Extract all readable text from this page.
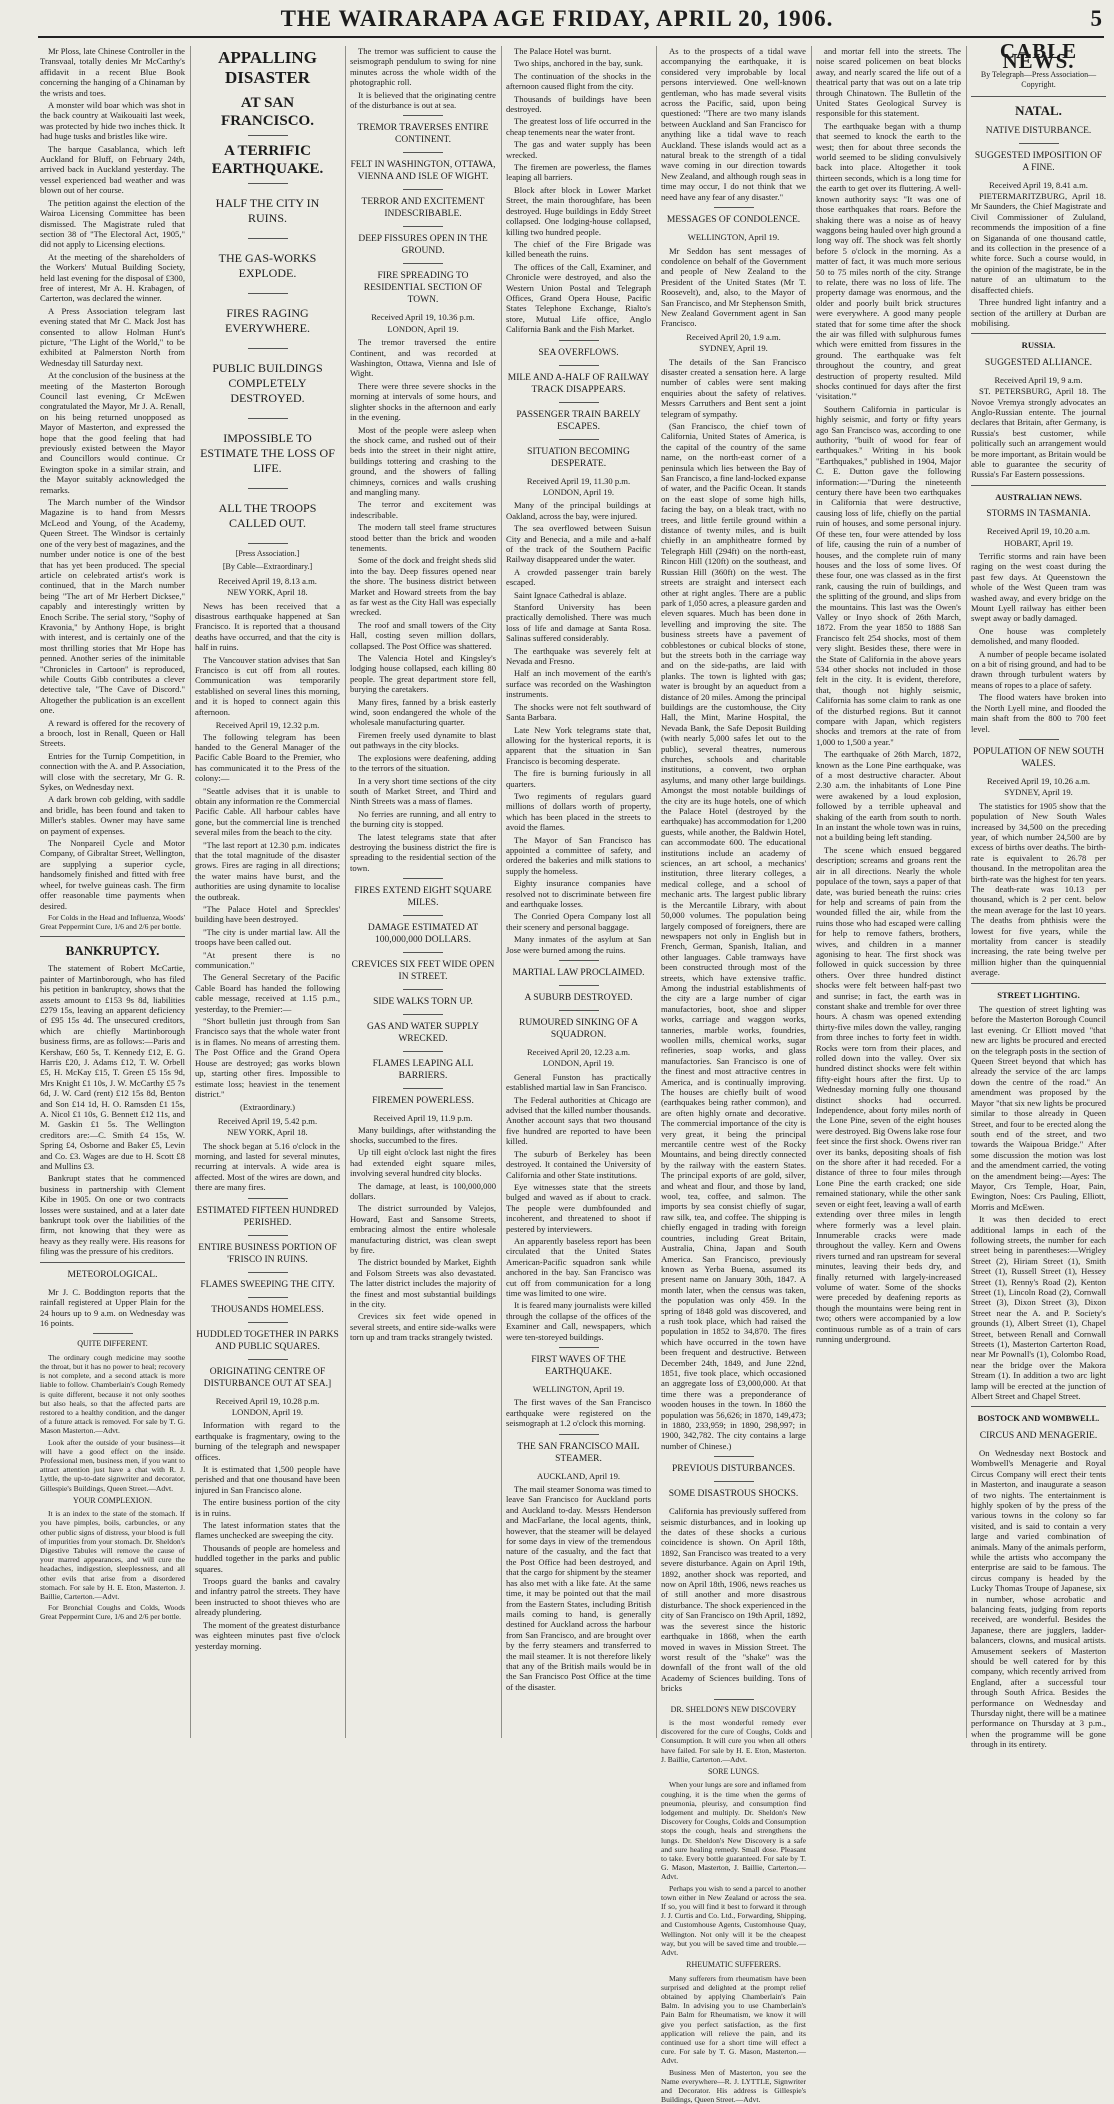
THE WAIRARAPA AGE FRIDAY, APRIL 20, 1906.	5

Mr Ploss, late Chinese Controller in the Transvaal, totally denies Mr McCarthy's affidavit in a recent Blue Book concerning the hanging of a Chinaman by the wrists and toes.

A monster wild boar which was shot in the back country at Waikouaiti last week, was protected by hide two inches thick. It had huge tusks and bristles like wire.

The barque Casablanca, which left Auckland for Bluff, on February 24th, arrived back in Auckland yesterday. The vessel experienced bad weather and was blown out of her course.

The petition against the election of the Wairoa Licensing Committee has been dismissed. The Magistrate ruled that section 38 of "The Electoral Act, 1905," did not apply to Licensing elections.

At the meeting of the shareholders of the Workers' Mutual Building Society, held last evening for the disposal of £300, free of interest, Mr A. H. Krabagen, of Carterton, was declared the winner.

A Press Association telegram last evening stated that Mr C. Mack Jost has consented to allow Holman Hunt's picture, "The Light of the World," to be exhibited at Palmerston North from Wednesday till Saturday next.

At the conclusion of the business at the meeting of the Masterton Borough Council last evening, Cr McEwen congratulated the Mayor, Mr J. A. Renall, on his being returned unopposed as Mayor of Masterton, and expressed the hope that the good feeling that had previously existed between the Mayor and Councillors would continue. Cr Ewington spoke in a similar strain, and the Mayor suitably acknowledged the remarks.

The March number of the Windsor Magazine is to hand from Messrs McLeod and Young, of the Academy, Queen Street. The Windsor is certainly one of the very best of magazines, and the number under notice is one of the best that has yet been produced. The special article on celebrated artist's work is continued, that in the March number being "The art of Mr Herbert Dicksee," capably and interestingly written by Enoch Scribe. The serial story, "Sophy of Kravonia," by Anthony Hope, is bright with interest, and is certainly one of the most thrilling stories that Mr Hope has penned. Another series of the inimitable "Chronicles in Cartoon" is reproduced, while Coutts Gibb contributes a clever detective tale, "The Cave of Discord." Altogether the publication is an excellent one.

A reward is offered for the recovery of a brooch, lost in Renall, Queen or Hall Streets.

Entries for the Turnip Competition, in connection with the A. and P. Association, will close with the secretary, Mr G. R. Sykes, on Wednesday next.

A dark brown cob gelding, with saddle and bridle, has been found and taken to Miller's stables. Owner may have same on payment of expenses.

The Nonpareil Cycle and Motor Company, of Gibraltar Street, Wellington, are supplying a superior cycle, handsomely finished and fitted with free wheel, for twelve guineas cash. The firm offer reasonable time payments when desired.

For Colds in the Head and Influenza, Woods' Great Peppermint Cure, 1/6 and 2/6 per bottle.

BANKRUPTCY.

The statement of Robert McCartie, painter of Martinborough, who has filed his petition in bankruptcy, shows that the assets amount to £153 9s 8d, liabilities £279 15s, leaving an apparent deficiency of £95 15s 4d. The unsecured creditors, which are chiefly Martinborough business firms, are as follows:—Paris and Kershaw, £60 5s, T. Kennedy £12, E. G. Harris £20, J. Adams £12, T. W. Orbell £5, H. McKay £15, T. Green £5 15s 9d, Mrs Knight £1 10s, J. W. McCarthy £5 7s 6d, J. W. Card (rent) £12 15s 8d, Benton and Son £14 1d, H. O. Ramsden £1 15s, A. Nicol £1 10s, G. Bennett £12 11s, and M. Gaskin £1 5s. The Wellington creditors are:—C. Smith £4 15s, W. Spring £4, Osborne and Baker £5, Levin and Co. £3. Wages are due to H. Scott £8 and Mullins £3.

Bankrupt states that he commenced business in partnership with Clement Kibe in 1905. On one or two contracts losses were sustained, and at a later date bankrupt took over the liabilities of the firm, not knowing that they were as heavy as they really were. His reasons for filing was the pressure of his creditors.

METEOROLOGICAL.

Mr J. C. Boddington reports that the rainfall registered at Upper Plain for the 24 hours up to 9 a.m. on Wednesday was 16 points.

QUITE DIFFERENT.

The ordinary cough medicine may soothe the throat, but it has no power to heal; recovery is not complete, and a second attack is more liable to follow. Chamberlain's Cough Remedy is quite different, because it not only soothes but also heals, so that the affected parts are restored to a healthy condition, and the danger of a future attack is removed. For sale by T. G. Mason Masterton.—Advt.

Look after the outside of your business—it will have a good effect on the inside. Professional men, business men, if you want to attract attention just have a chat with R. J. Lyttle, the up-to-date signwriter and decorator, Gillespie's Buildings, Queen Street.—Advt.

YOUR COMPLEXION.

It is an index to the state of the stomach. If you have pimples, boils, carbuncles, or any other public signs of distress, your blood is full of impurities from your stomach. Dr. Sheldon's Digestive Tabules will remove the cause of your marred appearances, and will cure the headaches, indigestion, sleeplessness, and all other evils that arise from a disordered stomach. For sale by H. E. Eton, Masterton. J. Baillie, Carterton.—Advt.

For Bronchial Coughs and Colds, Woods Great Peppermint Cure, 1/6 and 2/6 per bottle.

APPALLING DISASTER
AT SAN FRANCISCO.
A TERRIFIC EARTHQUAKE.
HALF THE CITY IN RUINS.
THE GAS-WORKS EXPLODE.
FIRES RAGING EVERYWHERE.
PUBLIC BUILDINGS COMPLETELY DESTROYED.
IMPOSSIBLE TO ESTIMATE THE LOSS OF LIFE.
ALL THE TROOPS CALLED OUT.
[Press Association.]
[By Cable—Extraordinary.]
Received April 19, 8.13 a.m.
NEW YORK, April 18.

News has been received that a disastrous earthquake happened at San Francisco. It is reported that a thousand deaths have occurred, and that the city is half in ruins.

The Vancouver station advises that San Francisco is cut off from all routes. Communication was temporarily established on several lines this morning, and it is hoped to connect again this afternoon.

Received April 19, 12.32 p.m.

The following telegram has been handed to the General Manager of the Pacific Cable Board to the Premier, who has communicated it to the Press of the colony:—

"Seattle advises that it is unable to obtain any information re the Commercial Pacific Cable. All harbour cables have gone, but the commercial line is trenched several miles from the beach to the city.

"The last report at 12.30 p.m. indicates that the total magnitude of the disaster grows. Fires are raging in all directions; the water mains have burst, and the authorities are using dynamite to localise the outbreak.

"The Palace Hotel and Spreckles' building have been destroyed.

"The city is under martial law. All the troops have been called out.

"At present there is no communication."

The General Secretary of the Pacific Cable Board has handed the following cable message, received at 1.15 p.m., yesterday, to the Premier:—

"Short bulletin just through from San Francisco says that the whole water front is in flames. No means of arresting them. The Post Office and the Grand Opera House are destroyed; gas works blown up, starting other fires. Impossible to estimate loss; heaviest in the tenement district."

(Extraordinary.)
Received April 19, 5.42 p.m.
NEW YORK, April 18.

The shock began at 5.16 o'clock in the morning, and lasted for several minutes, recurring at intervals. A wide area is affected. Most of the wires are down, and there are many fires.

ESTIMATED FIFTEEN HUNDRED PERISHED.
ENTIRE BUSINESS PORTION OF 'FRISCO IN RUINS.
FLAMES SWEEPING THE CITY.
THOUSANDS HOMELESS.
HUDDLED TOGETHER IN PARKS AND PUBLIC SQUARES.
ORIGINATING CENTRE OF DISTURBANCE OUT AT SEA.]
Received April 19, 10.28 p.m.
LONDON, April 19.

Information with regard to the earthquake is fragmentary, owing to the burning of the telegraph and newspaper offices.

It is estimated that 1,500 people have perished and that one thousand have been injured in San Francisco alone.

The entire business portion of the city is in ruins.

The latest information states that the flames unchecked are sweeping the city.

Thousands of people are homeless and huddled together in the parks and public squares.

Troops guard the banks and cavalry and infantry patrol the streets. They have been instructed to shoot thieves who are already plundering.

The moment of the greatest disturbance was eighteen minutes past five o'clock yesterday morning.

The tremor was sufficient to cause the seismograph pendulum to swing for nine minutes across the whole width of the photographic roll.

It is believed that the originating centre of the disturbance is out at sea.

TREMOR TRAVERSES ENTIRE CONTINENT.
FELT IN WASHINGTON, OTTAWA, VIENNA AND ISLE OF WIGHT.
TERROR AND EXCITEMENT INDESCRIBABLE.
DEEP FISSURES OPEN IN THE GROUND.
FIRE SPREADING TO RESIDENTIAL SECTION OF TOWN.
Received April 19, 10.36 p.m.
LONDON, April 19.

The tremor traversed the entire Continent, and was recorded at Washington, Ottawa, Vienna and Isle of Wight.

There were three severe shocks in the morning at intervals of some hours, and slighter shocks in the afternoon and early in the evening.

Most of the people were asleep when the shock came, and rushed out of their beds into the street in their night attire, buildings tottering and crashing to the ground, and the showers of falling chimneys, cornices and walls crushing and mangling many.

The terror and excitement was indescribable.

The modern tall steel frame structures stood better than the brick and wooden tenements.

Some of the dock and freight sheds slid into the bay. Deep fissures opened near the shore. The business district between Market and Howard streets from the bay as far west as the City Hall was especially wrecked.

The roof and small towers of the City Hall, costing seven million dollars, collapsed. The Post Office was shattered.

The Valencia Hotel and Kingsley's lodging house collapsed, each killing 80 people. The great department store fell, burying the caretakers.

Many fires, fanned by a brisk easterly wind, soon endangered the whole of the wholesale manufacturing quarter.

Firemen freely used dynamite to blast out pathways in the city blocks.

The explosions were deafening, adding to the terrors of the situation.

In a very short time sections of the city south of Market Street, and Third and Ninth Streets was a mass of flames.

No ferries are running, and all entry to the burning city is stopped.

The latest telegrams state that after destroying the business district the fire is spreading to the residential section of the town.

FIRES EXTEND EIGHT SQUARE MILES.
DAMAGE ESTIMATED AT 100,000,000 DOLLARS.
CREVICES SIX FEET WIDE OPEN IN STREET.
SIDE WALKS TORN UP.
GAS AND WATER SUPPLY WRECKED.
FLAMES LEAPING ALL BARRIERS.
FIREMEN POWERLESS.
Received April 19, 11.9 p.m.

Many buildings, after withstanding the shocks, succumbed to the fires.

Up till eight o'clock last night the fires had extended eight square miles, involving several hundred city blocks.

The damage, at least, is 100,000,000 dollars.

The district surrounded by Valejos, Howard, East and Sansome Streets, embracing almost the entire wholesale manufacturing district, was clean swept by fire.

The district bounded by Market, Eighth and Folsom Streets was also devastated. The latter district includes the majority of the finest and most substantial buildings in the city.

Crevices six feet wide opened in several streets, and entire side-walks were torn up and tram tracks strangely twisted.

The Palace Hotel was burnt.

Two ships, anchored in the bay, sunk.

The continuation of the shocks in the afternoon caused flight from the city.

Thousands of buildings have been destroyed.

The greatest loss of life occurred in the cheap tenements near the water front.

The gas and water supply has been wrecked.

The firemen are powerless, the flames leaping all barriers.

Block after block in Lower Market Street, the main thoroughfare, has been destroyed. Huge buildings in Eddy Street collapsed. One lodging-house collapsed, killing two hundred people.

The chief of the Fire Brigade was killed beneath the ruins.

The offices of the Call, Examiner, and Chronicle were destroyed, and also the Western Union Postal and Telegraph Offices, Grand Opera House, Pacific States Telephone Exchange, Rialto's store, Mutual Life office, Anglo California Bank and the Fish Market.

SEA OVERFLOWS.
MILE AND A-HALF OF RAILWAY TRACK DISAPPEARS.
PASSENGER TRAIN BARELY ESCAPES.
SITUATION BECOMING DESPERATE.
Received April 19, 11.30 p.m.
LONDON, April 19.

Many of the principal buildings at Oakland, across the bay, were injured.

The sea overflowed between Suisun City and Benecia, and a mile and a-half of the track of the Southern Pacific Railway disappeared under the water.

A crowded passenger train barely escaped.

Saint Ignace Cathedral is ablaze.

Stanford University has been practically demolished. There was much loss of life and damage at Santa Rosa. Salinas suffered considerably.

The earthquake was severely felt at Nevada and Fresno.

Half an inch movement of the earth's surface was recorded on the Washington instruments.

The shocks were not felt southward of Santa Barbara.

Late New York telegrams state that, allowing for the hysterical reports, it is apparent that the situation in San Francisco is becoming desperate.

The fire is burning furiously in all quarters.

Two regiments of regulars guard millions of dollars worth of property, which has been placed in the streets to avoid the flames.

The Mayor of San Francisco has appointed a committee of safety, and ordered the bakeries and milk stations to supply the homeless.

Eighty insurance companies have resolved not to discriminate between fire and earthquake losses.

The Conried Opera Company lost all their scenery and personal baggage.

Many inmates of the asylum at San Jose were burned among the ruins.

MARTIAL LAW PROCLAIMED.
A SUBURB DESTROYED.
RUMOURED SINKING OF A SQUADRON.
Received April 20, 12.23 a.m.
LONDON, April 19.

General Funston has practically established martial law in San Francisco.

The Federal authorities at Chicago are advised that the killed number thousands. Another account says that two thousand five hundred are reported to have been killed.

The suburb of Berkeley has been destroyed. It contained the University of California and other State institutions.

Eye witnesses state that the streets bulged and waved as if about to crack. The people were dumbfounded and incoherent, and threatened to shoot if pestered by interviewers.

An apparently baseless report has been circulated that the United States American-Pacific squadron sank while anchored in the bay. San Francisco was cut off from communication for a long time was limited to one wire.

It is feared many journalists were killed through the collapse of the offices of the Examiner and Call, newspapers, which were ten-storeyed buildings.

FIRST WAVES OF THE EARTHQUAKE.
WELLINGTON, April 19.

The first waves of the San Francisco earthquake were registered on the seismograph at 1.2 o'clock this morning.

THE SAN FRANCISCO MAIL STEAMER.
AUCKLAND, April 19.

The mail steamer Sonoma was timed to leave San Francisco for Auckland ports and Auckland to-day. Messrs Henderson and MacFarlane, the local agents, think, however, that the steamer will be delayed for some days in view of the tremendous nature of the casualty, and the fact that the Post Office had been destroyed, and that the cargo for shipment by the steamer has also met with a like fate. At the same time, it may be pointed out that the mail from the Eastern States, including British mails coming to hand, is generally destined for Auckland across the harbour from San Francisco, and are brought over by the ferry steamers and transferred to the mail steamer. It is not therefore likely that any of the British mails would be in the San Francisco Post Office at the time of the disaster.

As to the prospects of a tidal wave accompanying the earthquake, it is considered very improbable by local persons interviewed. One well-known gentleman, who has made several visits across the Pacific, said, upon being questioned: "There are two many islands between Auckland and San Francisco for anything like a tidal wave to reach Auckland. These islands would act as a natural break to the strength of a tidal wave coming in our direction towards New Zealand, and although rough seas in time may occur, I do not think that we need have any fear of any disaster."

MESSAGES OF CONDOLENCE.
WELLINGTON, April 19.

Mr Seddon has sent messages of condolence on behalf of the Government and people of New Zealand to the President of the United States (Mr T. Roosevelt), and, also, to the Mayor of San Francisco, and Mr Stephenson Smith, New Zealand Government agent in San Francisco.

Received April 20, 1.9 a.m.
SYDNEY, April 19.

The details of the San Francisco disaster created a sensation here. A large number of cables were sent making enquiries about the safety of relatives. Messrs Carruthers and Bent sent a joint telegram of sympathy.

(San Francisco, the chief town of California, United States of America, is the capital of the country of the same name, on the north-east corner of a peninsula which lies between the Bay of San Francisco, a fine land-locked expanse of water, and the Pacific Ocean. It stands on the east slope of some high hills, facing the bay, on a bleak tract, with no trees, and little fertile ground within a distance of twenty miles, and is built chiefly in an amphitheatre formed by Telegraph Hill (294ft) on the north-east, Rincon Hill (120ft) on the southeast, and Russian Hill (360ft) on the west. The streets are straight and intersect each other at right angles. There are a public park of 1,050 acres, a pleasure garden and eleven squares. Much has been done in levelling and improving the site. The business streets have a pavement of cobblestones or cubical blocks of stone, but the streets both in the carriage way and on the side-paths, are laid with planks. The town is lighted with gas; water is brought by an aqueduct from a distance of 20 miles. Among the principal buildings are the customhouse, the City Hall, the Mint, Marine Hospital, the Nevada Bank, the Safe Deposit Building (with nearly 5,000 safes let out to the public), several theatres, numerous churches, schools and charitable institutions, a convent, two orphan asylums, and many other large buildings. Amongst the most notable buildings of the city are its huge hotels, one of which the Palace Hotel (destroyed by the earthquake) has accommodation for 1,200 guests, while another, the Baldwin Hotel, can accommodate 600. The educational institutions include an academy of sciences, an art school, a mechanics' institution, three literary colleges, a medical college, and a school of mechanic arts. The largest public library is the Mercantile Library, with about 50,000 volumes. The population being largely composed of foreigners, there are newspapers not only in English but in French, German, Spanish, Italian, and other languages. Cable tramways have been constructed through most of the streets, which have extensive traffic. Among the industrial establishments of the city are a large number of cigar manufactories, boot, shoe and slipper works, carriage and waggon works, tanneries, marble works, foundries, woollen mills, chemical works, sugar refineries, soap works, and glass manufactories. San Francisco is one of the finest and most attractive centres in America, and is continually improving. The houses are chiefly built of wood (earthquakes being rather common), and are often highly ornate and decorative. The commercial importance of the city is very great, it being the principal mercantile centre west of the Rocky Mountains, and being directly connected by the railway with the eastern States. The principal exports of are gold, silver, and wheat and flour, and those by land, wool, tea, coffee, and salmon. The imports by sea consist chiefly of sugar, raw silk, tea, and coffee. The shipping is chiefly engaged in trading with foreign countries, including Great Britain, Australia, China, Japan and South America. San Francisco, previously known as Yerba Buena, assumed its present name on January 30th, 1847. A month later, when the census was taken, the population was only 459. In the spring of 1848 gold was discovered, and a rush took place, which had raised the population in 1852 to 34,870. The fires which have occurred in the town have been frequent and destructive. Between December 24th, 1849, and June 22nd, 1851, five took place, which occasioned an aggregate loss of £3,000,000. At that time there was a preponderance of wooden houses in the town. In 1860 the population was 56,626; in 1870, 149,473; in 1880, 233,959; in 1890, 298,997; in 1900, 342,782. The city contains a large number of Chinese.)

PREVIOUS DISTURBANCES.
SOME DISASTROUS SHOCKS.

California has previously suffered from seismic disturbances, and in looking up the dates of these shocks a curious coincidence is shown. On April 18th, 1892, San Francisco was treated to a very severe disturbance. Again on April 19th, 1892, another shock was reported, and now on April 18th, 1906, news reaches us of still another and more disastrous disturbance. The shock experienced in the city of San Francisco on 19th April, 1892, was the severest since the historic earthquake in 1868, when the earth moved in waves in Mission Street. The worst result of the "shake" was the downfall of the front wall of the old Academy of Sciences building. Tons of bricks

DR. SHELDON'S NEW DISCOVERY

is the most wonderful remedy ever discovered for the cure of Coughs, Colds and Consumption. It will cure you when all others have failed. For sale by H. E. Eton, Masterton. J. Baillie, Carterton.—Advt.

SORE LUNGS.

When your lungs are sore and inflamed from coughing, it is the time when the germs of pneumonia, pleurisy, and consumption find lodgement and multiply. Dr. Sheldon's New Discovery for Coughs, Colds and Consumption stops the cough, heals and strengthens the lungs. Dr. Sheldon's New Discovery is a safe and sure healing remedy. Small dose. Pleasant to take. Every bottle guaranteed. For sale by T. G. Mason, Masterton, J. Baillie, Carterton.—Advt.

Perhaps you wish to send a parcel to another town either in New Zealand or across the sea. If so, you will find it best to forward it through J. J. Curtis and Co. Ltd., Forwarding, Shipping, and Customhouse Agents, Customhouse Quay, Wellington. Not only will it be the cheapest way, but you will be saved time and trouble.—Advt.

RHEUMATIC SUFFERERS.

Many sufferers from rheumatism have been surprised and delighted at the prompt relief obtained by applying Chamberlain's Pain Balm. In advising you to use Chamberlain's Pain Balm for Rheumatism, we know it will give you perfect satisfaction, as the first application will relieve the pain, and its continued use for a short time will effect a cure. For sale by T. G. Mason, Masterton.—Advt.

Business Men of Masterton, you see the Name everywhere—R. J. LYTTLE, Signwriter and Decorator. His address is Gillespie's Buildings, Queen Street.—Advt.

and mortar fell into the streets. The noise scared policemen on beat blocks away, and nearly scared the life out of a theatrical party that was out on a late trip through Chinatown. The Bulletin of the United States Geological Survey is responsible for this statement.

The earthquake began with a thump that seemed to knock the earth to the west; then for about three seconds the world seemed to be sliding convulsively back into place. Altogether it took thirteen seconds, which is a long time for the earth to get over its fluttering. A well-known authority says: "It was one of those earthquakes that roars. Before the shaking there was a noise as of heavy waggons being hauled over high ground a long way off. The shock was felt shortly before 5 o'clock in the morning. As a matter of fact, it was much more serious 50 to 75 miles north of the city. Strange to relate, there was no loss of life. The property damage was enormous, and the older and poorly built brick structures were everywhere. A good many people stated that for some time after the shock the air was filled with sulphurous fumes which were emitted from fissures in the ground. The earthquake was felt throughout the country, and great destruction of property resulted. Mild shocks continued for days after the first 'visitation.'"

Southern California in particular is highly seismic, and forty or fifty years ago San Francisco was, according to one authority, "built of wood for fear of earthquakes." Writing in his book "Earthquakes," published in 1904, Major C. E. Dutton gave the following information:—"During the nineteenth century there have been two earthquakes in California that were destructive, causing loss of life, chiefly on the partial ruin of houses, and some personal injury. Of these ten, four were attended by loss of life, causing the ruin of a number of houses, and the complete ruin of many houses and the loss of some lives. Of these four, one was classed as in the first rank, causing the ruin of buildings, and the splitting of the ground, and slips from the mountains. This last was the Owen's Valley or Inyo shock of 26th March, 1872. From the year 1850 to 1888 San Francisco felt 254 shocks, most of them very slight. Besides these, there were in the State of California in the above years 534 other shocks not included in those felt in the city. It is evident, therefore, that, though not highly seismic, California has some claim to rank as one of the disturbed regions. But it cannot compare with Japan, which registers shocks and tremors at the rate of from 1,000 to 1,500 a year."

The earthquake of 26th March, 1872, known as the Lone Pine earthquake, was of a most destructive character. About 2.30 a.m. the inhabitants of Lone Pine were awakened by a loud explosion, followed by a terrible upheaval and shaking of the earth from south to north. In an instant the whole town was in ruins, not a building being left standing.

The scene which ensued beggared description; screams and groans rent the air in all directions. Nearly the whole populace of the town, says a paper of that date, was buried beneath the ruins: cries for help and screams of pain from the wounded filled the air, while from the ruins those who had escaped were calling for help to remove fathers, brothers, wives, and children in a manner agonising to hear. The first shock was followed in quick succession by three others. Over three hundred distinct shocks were felt between half-past two and sunrise; in fact, the earth was in constant shake and tremble for over three hours. A chasm was opened extending thirty-five miles down the valley, ranging from three inches to forty feet in width. Rocks were torn from their places, and rolled down into the valley. Over six hundred distinct shocks were felt within fifty-eight hours after the first. Up to Wednesday morning fully one thousand distinct shocks had occurred. Independence, about forty miles north of the Lone Pine, seven of the eight houses were destroyed. Big Owens lake rose four feet since the first shock. Owens river ran over its banks, depositing shoals of fish on the shore after it had receded. For a distance of three to four miles through Lone Pine the earth cracked; one side remained stationary, while the other sank seven or eight feet, leaving a wall of earth extending over three miles in length where formerly was a level plain. Innumerable cracks were made throughout the valley. Kern and Owens rivers turned and ran upstream for several minutes, leaving their beds dry, and finally returned with largely-increased volume of water. Some of the shocks were preceded by deafening reports as though the mountains were being rent in two; others were accompanied by a low continuous rumble as of a train of cars running underground.

CABLE NEWS.
By Telegraph—Press Association—Copyright.
NATAL.
NATIVE DISTURBANCE.
SUGGESTED IMPOSITION OF A FINE.
Received April 19, 8.41 a.m.

PIETERMARITZBURG, April 18. Mr Saunders, the Chief Magistrate and Civil Commissioner of Zululand, recommends the imposition of a fine on Sigananda of one thousand cattle, and its collection in the presence of a white force. Such a course would, in the opinion of the magistrate, be in the nature of an ultimatum to the disaffected chiefs.

Three hundred light infantry and a section of the artillery at Durban are mobilising.

RUSSIA.
SUGGESTED ALLIANCE.
Received April 19, 9 a.m.

ST. PETERSBURG, April 18. The Novoe Vremya strongly advocates an Anglo-Russian entente. The journal declares that Britain, after Germany, is Russia's best customer, while politically such an arrangement would be more important, as Britain would be able to guarantee the security of Russia's Far Eastern possessions.

AUSTRALIAN NEWS.
STORMS IN TASMANIA.
Received April 19, 10.20 a.m.
HOBART, April 19.

Terrific storms and rain have been raging on the west coast during the past few days. At Queenstown the whole of the West Queen tram was washed away, and every bridge on the Mount Lyell railway has either been swept away or badly damaged.

One house was completely demolished, and many flooded.

A number of people became isolated on a bit of rising ground, and had to be drawn through turbulent waters by means of ropes to a place of safety.

The flood waters have broken into the North Lyell mine, and flooded the main shaft from the 800 to 700 feet level.

POPULATION OF NEW SOUTH WALES.
Received April 19, 10.26 a.m.
SYDNEY, April 19.

The statistics for 1905 show that the population of New South Wales increased by 34,500 on the preceding year, of which number 24,500 are by excess of births over deaths. The birth-rate is equivalent to 26.78 per thousand. In the metropolitan area the birth-rate was the highest for ten years. The death-rate was 10.13 per thousand, which is 2 per cent. below the mean average for the last 10 years. The deaths from phthisis were the lowest for five years, while the mortality from cancer is steadily increasing, the rate being twelve per million higher than the quinquennial average.

STREET LIGHTING.

The question of street lighting was before the Masterton Borough Council last evening. Cr Elliott moved "that new arc lights be procured and erected on the telegraph posts in the section of Queen Street beyond that which has already the service of the arc lamps down the centre of the road." An amendment was proposed by the Mayor "that six new lights be procured similar to those already in Queen Street, and four to be erected along the south end of the street, and two towards the Waipoua Bridge." After some discussion the motion was lost and the amendment carried, the voting on the amendment being:—Ayes: The Mayor, Crs Temple, Hoar, Pain, Ewington, Noes: Crs Pauling, Elliott, Morris and McEwen.

It was then decided to erect additional lamps in each of the following streets, the number for each street being in parentheses:—Wrigley Street (2), Hiriam Street (1), Smith Street (1), Russell Street (1), Hessey Street (1), Renny's Road (2), Kenton Street (1), Lincoln Road (2), Cornwall Street (3), Dixon Street (3), Dixon Street near the A. and P. Society's grounds (1), Albert Street (1), Chapel Street, between Renall and Cornwall Streets (1), Masterton Carterton Road, near Mr Pownall's (1), Colombo Road, near the bridge over the Makora Stream (1). In addition a two arc light lamp will be erected at the junction of Albert Street and Chapel Street.

BOSTOCK AND WOMBWELL.
CIRCUS AND MENAGERIE.

On Wednesday next Bostock and Wombwell's Menagerie and Royal Circus Company will erect their tents in Masterton, and inaugurate a season of two nights. The entertainment is highly spoken of by the press of the various towns in the colony so far visited, and is said to contain a very large and varied combination of animals. Many of the animals perform, while the artists who accompany the enterprise are said to be famous. The circus company is headed by the Lucky Thomas Troupe of Japanese, six in number, whose acrobatic and balancing feats, judging from reports received, are wonderful. Besides the Japanese, there are jugglers, ladder-balancers, clowns, and musical artists. Amusement seekers of Masterton should be well catered for by this company, which recently arrived from England, after a successful tour through South Africa. Besides the performance on Wednesday and Thursday night, there will be a matinee performance on Thursday at 3 p.m., when the programme will be gone through in its entirety.
